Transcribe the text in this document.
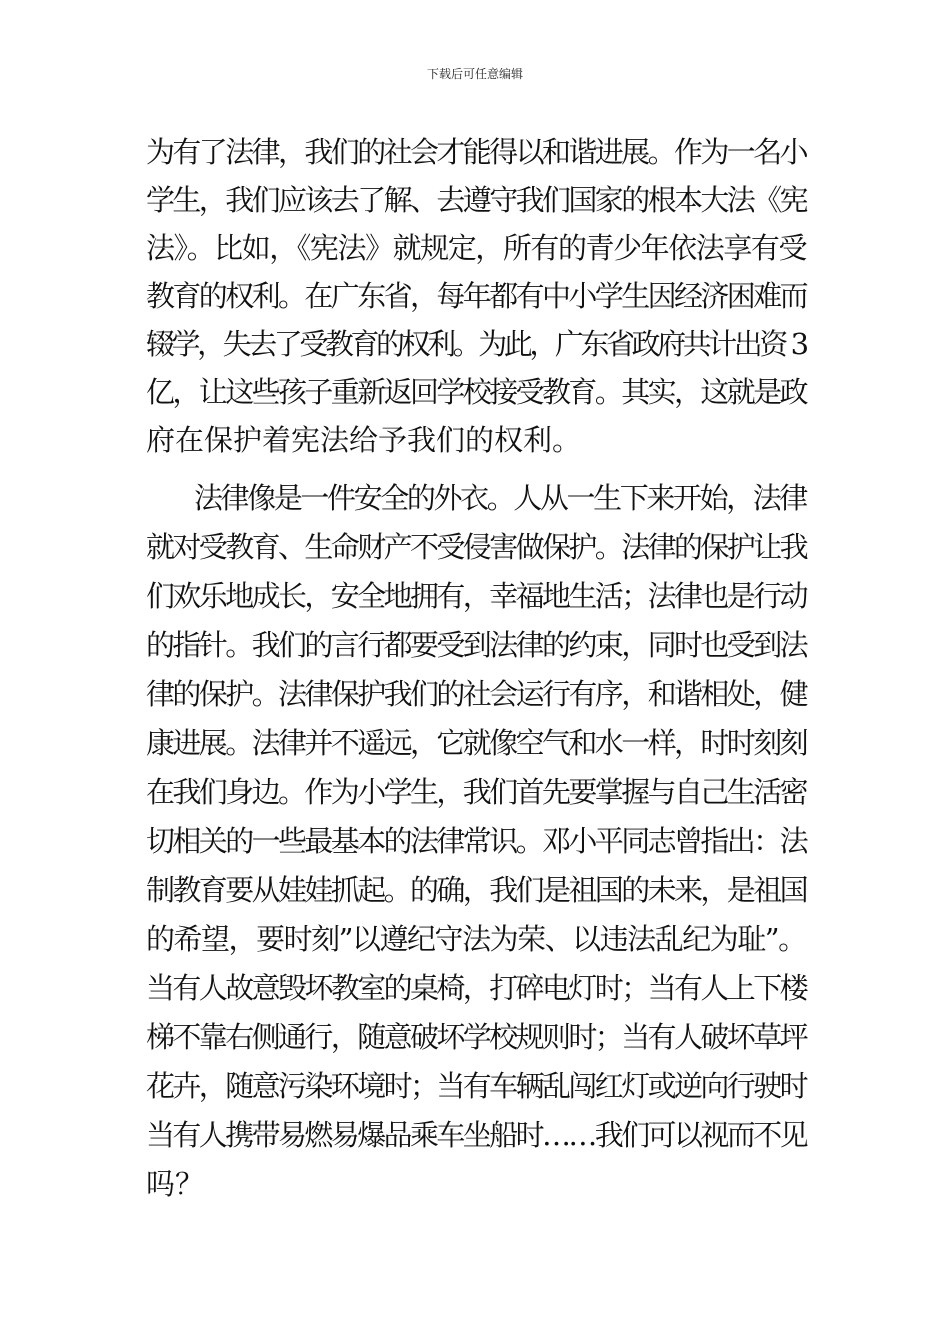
下载后可任意编辑
为有了法律，我们的社会才能得以和谐进展。作为一名小
学生，我们应该去了解、去遵守我们国家的根本大法《宪
法》。比如，《宪法》就规定，所有的青少年依法享有受
教育的权利。在广东省，每年都有中小学生因经济困难而
辍学，失去了受教育的权利。为此，广东省政府共计出资 3
亿，让这些孩子重新返回学校接受教育。其实，这就是政
府在保护着宪法给予我们的权利。
法律像是一件安全的外衣。人从一生下来开始，法律
就对受教育、生命财产不受侵害做保护。法律的保护让我
们欢乐地成长，安全地拥有，幸福地生活；法律也是行动
的指针。我们的言行都要受到法律的约束，同时也受到法
律的保护。法律保护我们的社会运行有序，和谐相处，健
康进展。法律并不遥远，它就像空气和水一样，时时刻刻
在我们身边。作为小学生，我们首先要掌握与自己生活密
切相关的一些最基本的法律常识。邓小平同志曾指出：法
制教育要从娃娃抓起。的确，我们是祖国的未来，是祖国
的希望，要时刻”以遵纪守法为荣、以违法乱纪为耻”。
当有人故意毁坏教室的桌椅，打碎电灯时；当有人上下楼
梯不靠右侧通行，随意破坏学校规则时；当有人破坏草坪
花卉，随意污染环境时；当有车辆乱闯红灯或逆向行驶时
当有人携带易燃易爆品乘车坐船时……我们可以视而不见
吗？
